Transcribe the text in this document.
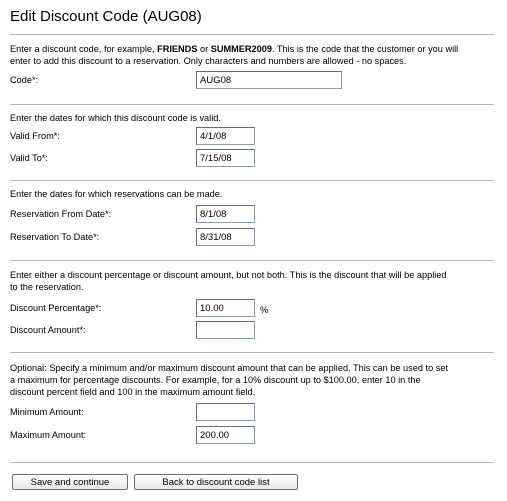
Edit Discount Code (AUG08)

Enter a discount code, for example, FRIENDS or SUMMER2009. This is the code that the customer or you will

enter to add this discount to a reservation. Only characters and numbers are allowed - no spaces.

Code*:
AUG08

Enter the dates for which this discount code is valid.

Valid From*:
4/1/08
Valid To*:
7/15/08

Enter the dates for which reservations can be made.

Reservation From Date*:
8/1/08
Reservation To Date*:
8/31/08

Enter either a discount percentage or discount amount, but not both. This is the discount that will be applied

to the reservation.

Discount Percentage*:
10.00	%
Discount Amount*:

Optional: Specify a minimum and/or maximum discount amount that can be applied. This can be used to set

a maximum for percentage discounts. For example, for a 10% discount up to $100.00, enter 10 in the

discount percent field and 100 in the maximum amount field.

Minimum Amount:
Maximum Amount:
200.00
Save and continue	Back to discount code list
